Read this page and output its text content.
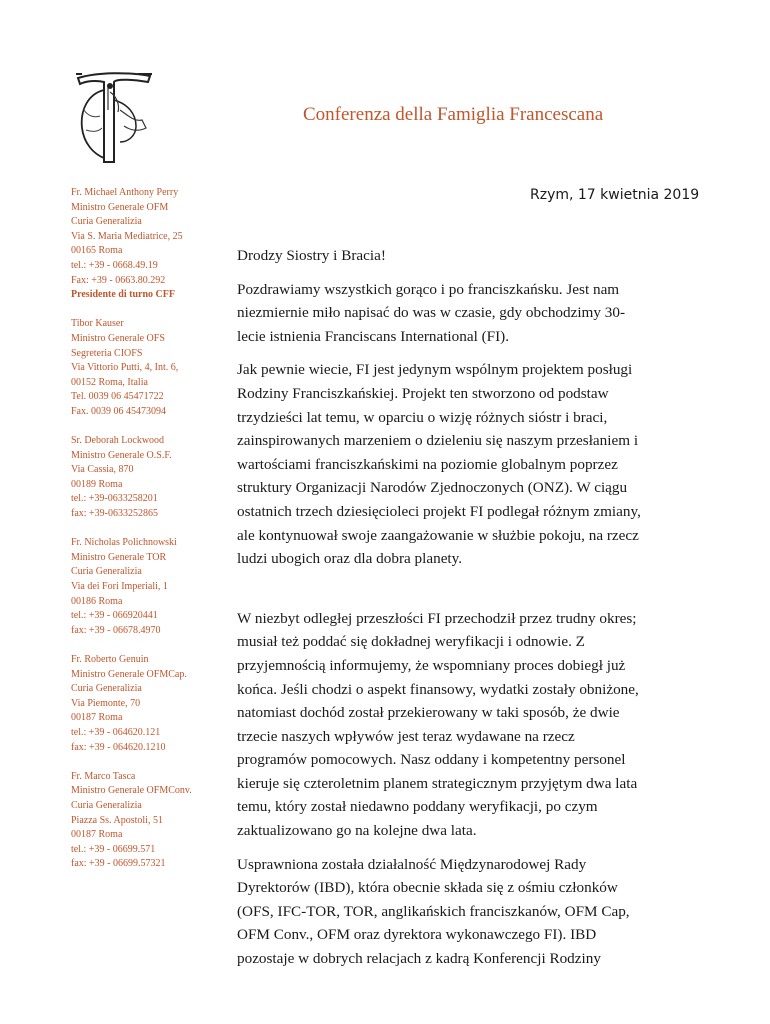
Conferenza della Famiglia Francescana
Fr. Michael Anthony Perry
Ministro Generale OFM
Curia Generalizia
Via S. Maria Mediatrice, 25
00165 Roma
tel.: +39 - 0668.49.19
Fax: +39 - 0663.80.292
Presidente di turno CFF
Tibor Kauser
Ministro Generale OFS
Segreteria CIOFS
Via Vittorio Putti, 4, Int. 6,
00152 Roma, Italia
Tel. 0039 06 45471722
Fax. 0039 06 45473094
Sr. Deborah Lockwood
Ministro Generale O.S.F.
Via Cassia, 870
00189 Roma
tel.: +39-0633258201
fax: +39-0633252865
Fr. Nicholas Polichnowski
Ministro Generale TOR
Curia Generalizia
Via dei Fori Imperiali, 1
00186 Roma
tel.: +39 - 066920441
fax: +39 - 06678.4970
Fr. Roberto Genuin
Ministro Generale OFMCap.
Curia Generalizia
Via Piemonte, 70
00187 Roma
tel.: +39 - 064620.121
fax: +39 - 064620.1210
Fr. Marco Tasca
Ministro Generale OFMConv.
Curia Generalizia
Piazza Ss. Apostoli, 51
00187 Roma
tel.: +39 - 06699.571
fax: +39 - 06699.57321
Rzym, 17 kwietnia 2019

Drodzy Siostry i Bracia!

Pozdrawiamy wszystkich gorąco i po franciszkańsku. Jest nam
niezmiernie miło napisać do was w czasie, gdy obchodzimy 30-
lecie istnienia Franciscans International (FI).

Jak pewnie wiecie, FI jest jedynym wspólnym projektem posługi
Rodziny Franciszkańskiej. Projekt ten stworzono od podstaw
trzydzieści lat temu, w oparciu o wizję różnych sióstr i braci,
zainspirowanych marzeniem o dzieleniu się naszym przesłaniem i
wartościami franciszkańskimi na poziomie globalnym poprzez
struktury Organizacji Narodów Zjednoczonych (ONZ). W ciągu
ostatnich trzech dziesięcioleci projekt FI podlegał różnym zmiany,
ale kontynuował swoje zaangażowanie w służbie pokoju, na rzecz
ludzi ubogich oraz dla dobra planety.

W niezbyt odległej przeszłości FI przechodził przez trudny okres;
musiał też poddać się dokładnej weryfikacji i odnowie. Z
przyjemnością informujemy, że wspomniany proces dobiegł już
końca. Jeśli chodzi o aspekt finansowy, wydatki zostały obniżone,
natomiast dochód został przekierowany w taki sposób, że dwie
trzecie naszych wpływów jest teraz wydawane na rzecz
programów pomocowych. Nasz oddany i kompetentny personel
kieruje się czteroletnim planem strategicznym przyjętym dwa lata
temu, który został niedawno poddany weryfikacji, po czym
zaktualizowano go na kolejne dwa lata.

Usprawniona została działalność Międzynarodowej Rady
Dyrektorów (IBD), która obecnie składa się z ośmiu członków
(OFS, IFC-TOR, TOR, anglikańskich franciszkanów, OFM Cap,
OFM Conv., OFM oraz dyrektora wykonawczego FI). IBD
pozostaje w dobrych relacjach z kadrą Konferencji Rodziny
